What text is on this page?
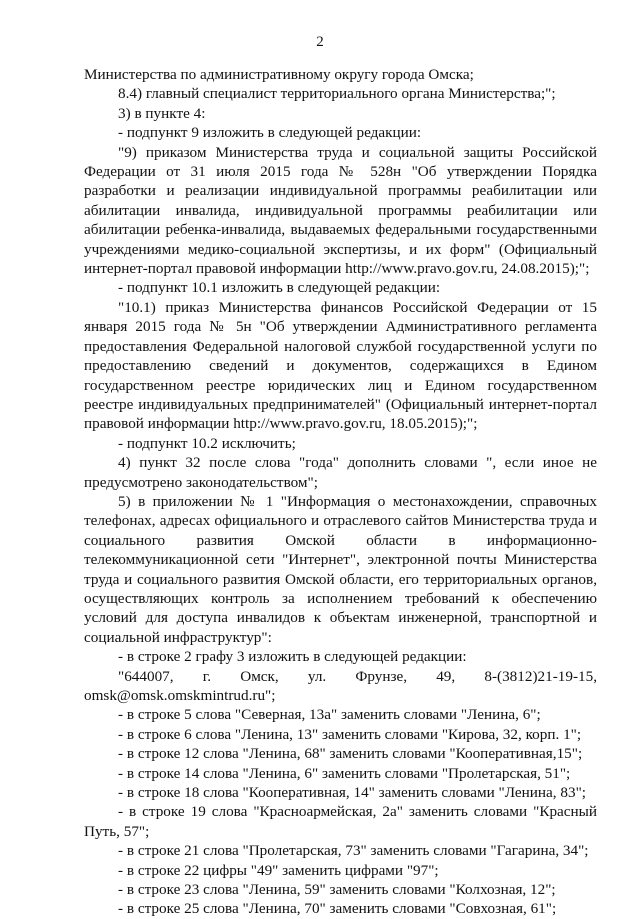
2

Министерства по административному округу города Омска;

8.4) главный специалист территориального органа Министерства;";

3) в пункте 4:

- подпункт 9 изложить в следующей редакции:

"9) приказом Министерства труда и социальной защиты Российской Федерации от 31 июля 2015 года № 528н "Об утверждении Порядка разработки и реализации индивидуальной программы реабилитации или абилитации инвалида, индивидуальной программы реабилитации или абилитации ребенка-инвалида, выдаваемых федеральными государственными учреждениями медико-социальной экспертизы, и их форм" (Официальный интернет-портал правовой информации http://www.pravo.gov.ru, 24.08.2015);";

- подпункт 10.1 изложить в следующей редакции:

"10.1) приказ Министерства финансов Российской Федерации от 15 января 2015 года № 5н "Об утверждении Административного регламента предоставления Федеральной налоговой службой государственной услуги по предоставлению сведений и документов, содержащихся в Едином государственном реестре юридических лиц и Едином государственном реестре индивидуальных предпринимателей" (Официальный интернет-портал правовой информации http://www.pravo.gov.ru, 18.05.2015);";

- подпункт 10.2 исключить;

4) пункт 32 после слова "года" дополнить словами ", если иное не предусмотрено законодательством";

5) в приложении № 1 "Информация о местонахождении, справочных телефонах, адресах официального и отраслевого сайтов Министерства труда и социального развития Омской области в информационно-телекоммуникационной сети "Интернет", электронной почты Министерства труда и социального развития Омской области, его территориальных органов, осуществляющих контроль за исполнением требований к обеспечению условий для доступа инвалидов к объектам инженерной, транспортной и социальной инфраструктур":

- в строке 2 графу 3 изложить в следующей редакции:

"644007, г. Омск, ул. Фрунзе, 49, 8-(3812)21-19-15, omsk@omsk.omskmintrud.ru";

- в строке 5 слова "Северная, 13а" заменить словами "Ленина, 6";

- в строке 6 слова "Ленина, 13" заменить словами "Кирова, 32, корп. 1";

- в строке 12 слова "Ленина, 68" заменить словами "Кооперативная,15";

- в строке 14 слова "Ленина, 6" заменить словами "Пролетарская, 51";

- в строке 18 слова "Кооперативная, 14" заменить словами "Ленина, 83";

- в строке 19 слова "Красноармейская, 2а" заменить словами "Красный Путь, 57";

- в строке 21 слова "Пролетарская, 73" заменить словами "Гагарина, 34";

- в строке 22 цифры "49" заменить цифрами "97";

- в строке 23 слова "Ленина, 59" заменить словами "Колхозная, 12";

- в строке 25 слова "Ленина, 70" заменить словами "Совхозная, 61";
